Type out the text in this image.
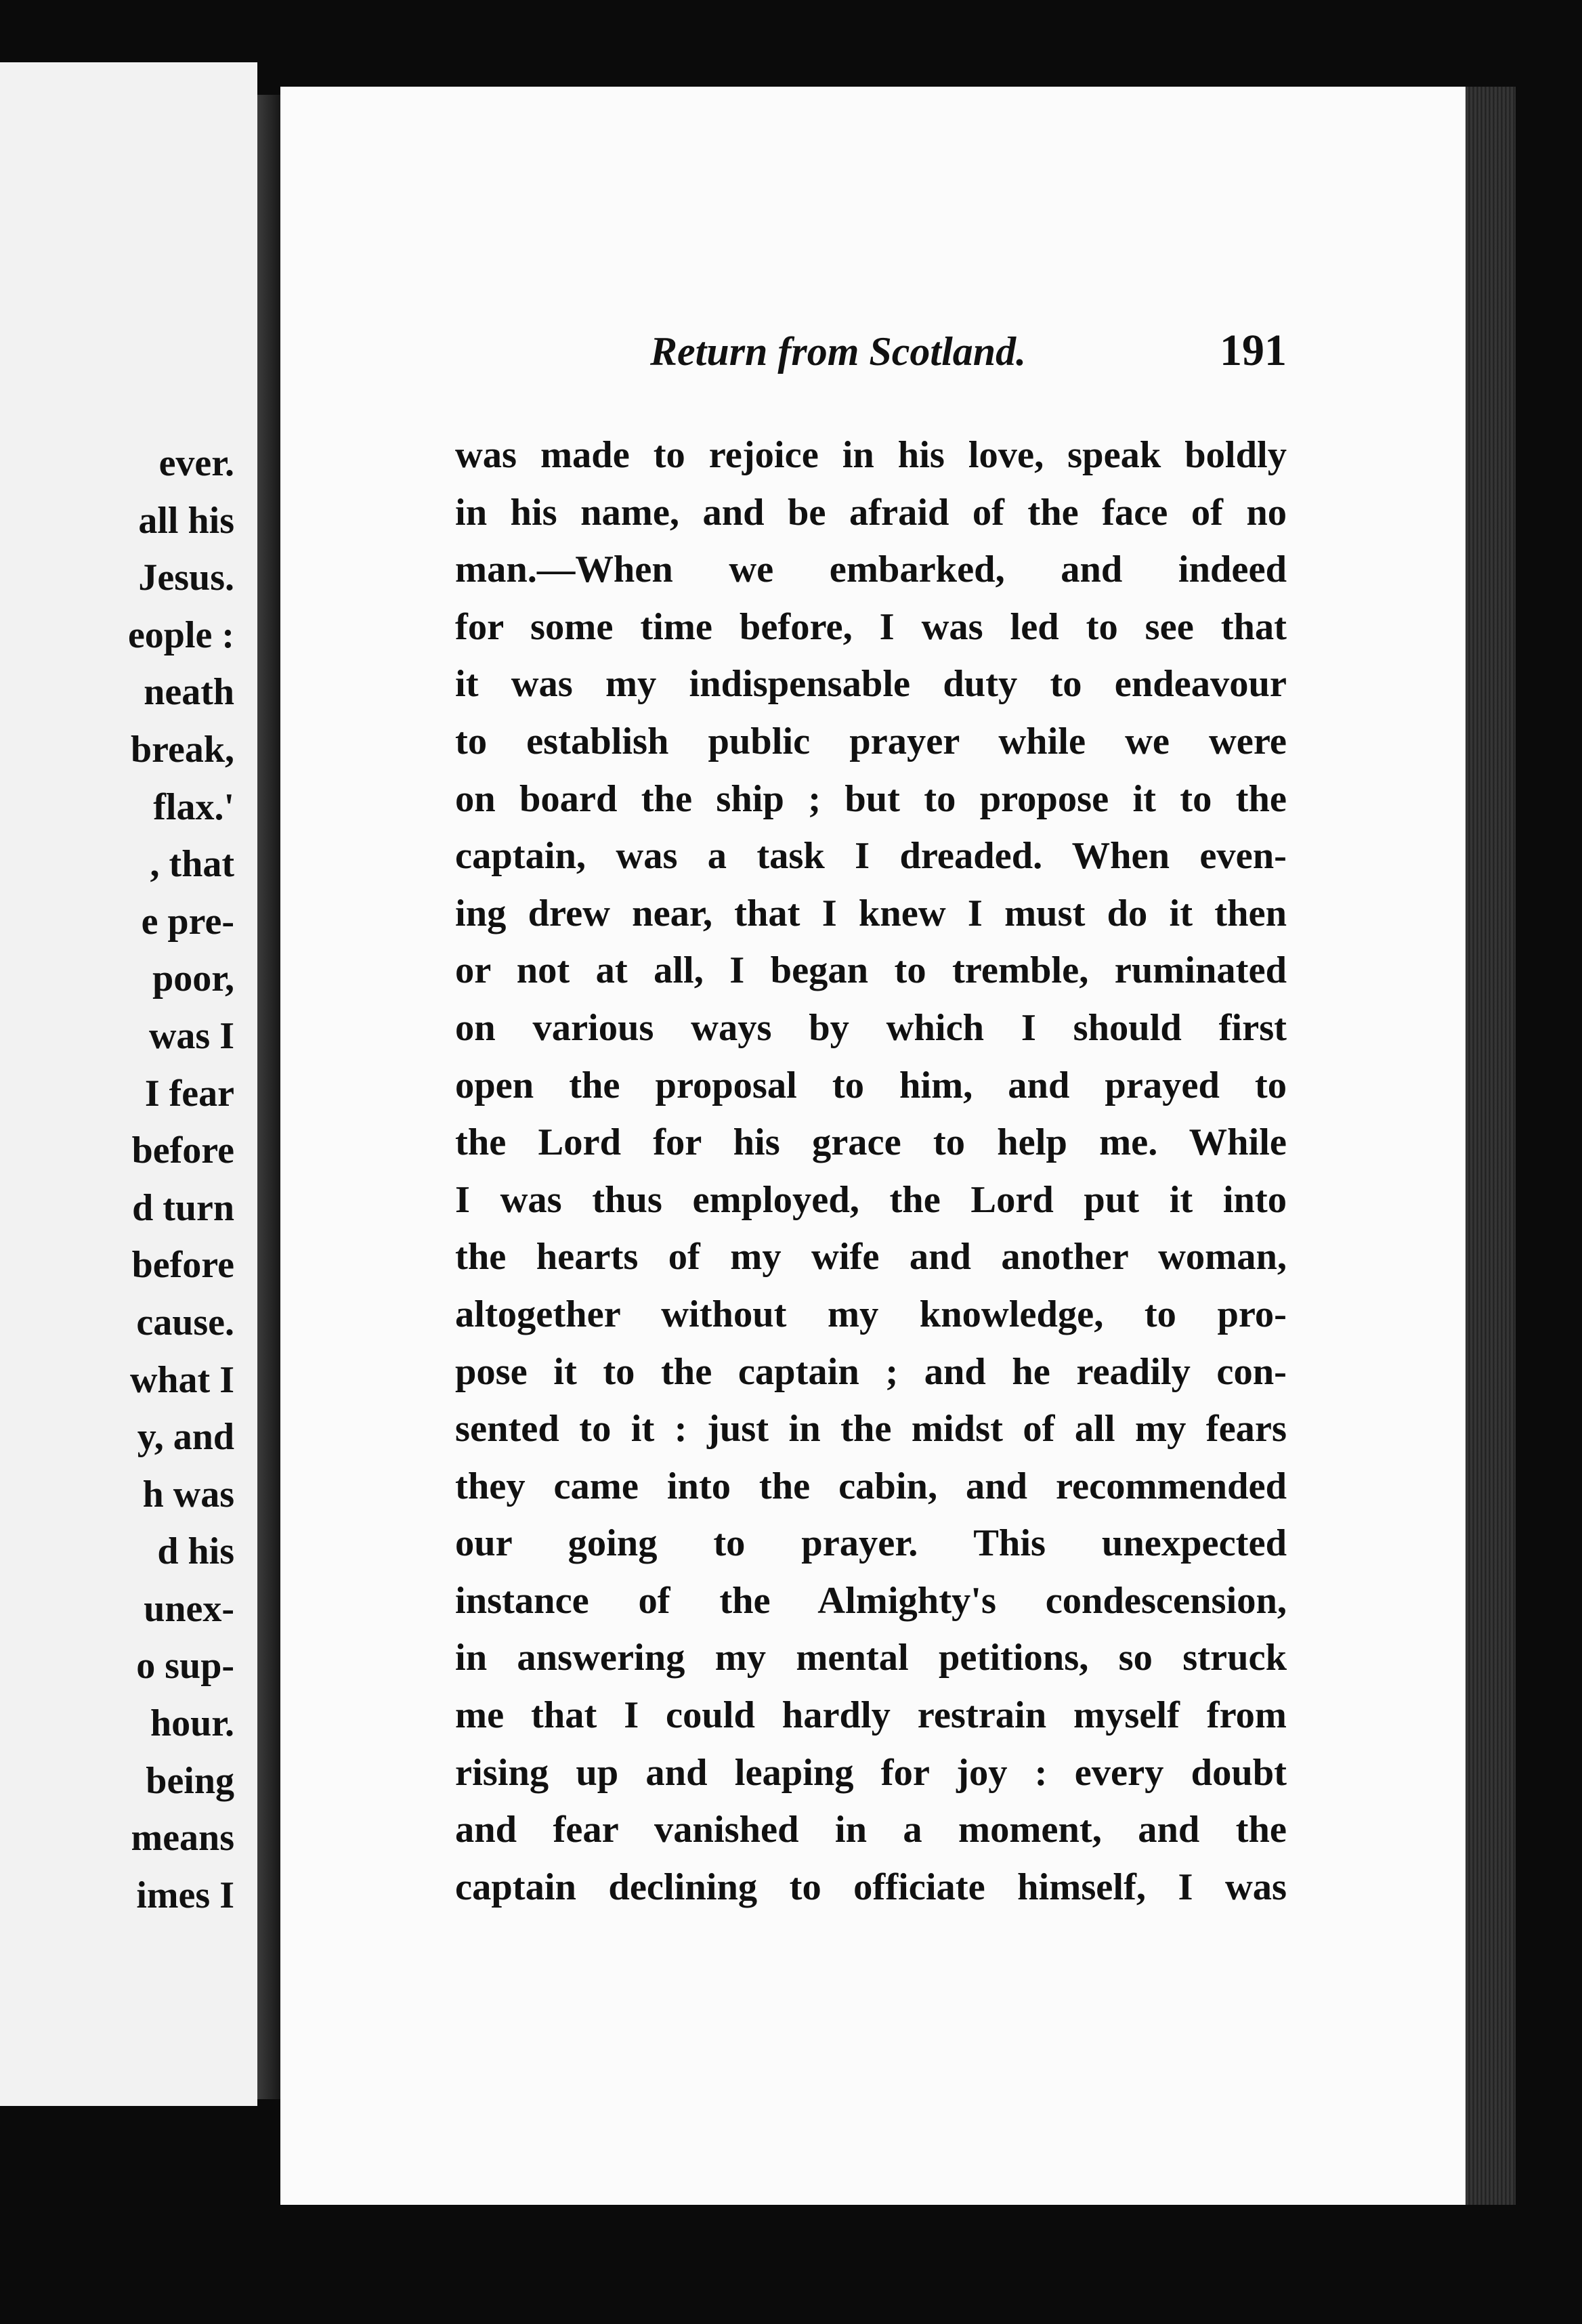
ever.
all his
Jesus.
eople :
neath
break,
flax.'
, that
e pre-
poor,
was I
I fear
before
d turn
before
cause.
what I
y, and
h was
d his
unex-
o sup-
hour.
being
means
imes I
Return from Scotland.	191
was made to rejoice in his love, speak boldly
in his name, and be afraid of the face of no
man.—When we embarked, and indeed
for some time before, I was led to see that
it was my indispensable duty to endeavour
to establish public prayer while we were
on board the ship ; but to propose it to the
captain, was a task I dreaded. When even-
ing drew near, that I knew I must do it then
or not at all, I began to tremble, ruminated
on various ways by which I should first
open the proposal to him, and prayed to
the Lord for his grace to help me. While
I was thus employed, the Lord put it into
the hearts of my wife and another woman,
altogether without my knowledge, to pro-
pose it to the captain ; and he readily con-
sented to it : just in the midst of all my fears
they came into the cabin, and recommended
our going to prayer. This unexpected
instance of the Almighty's condescension,
in answering my mental petitions, so struck
me that I could hardly restrain myself from
rising up and leaping for joy : every doubt
and fear vanished in a moment, and the
captain declining to officiate himself, I was
